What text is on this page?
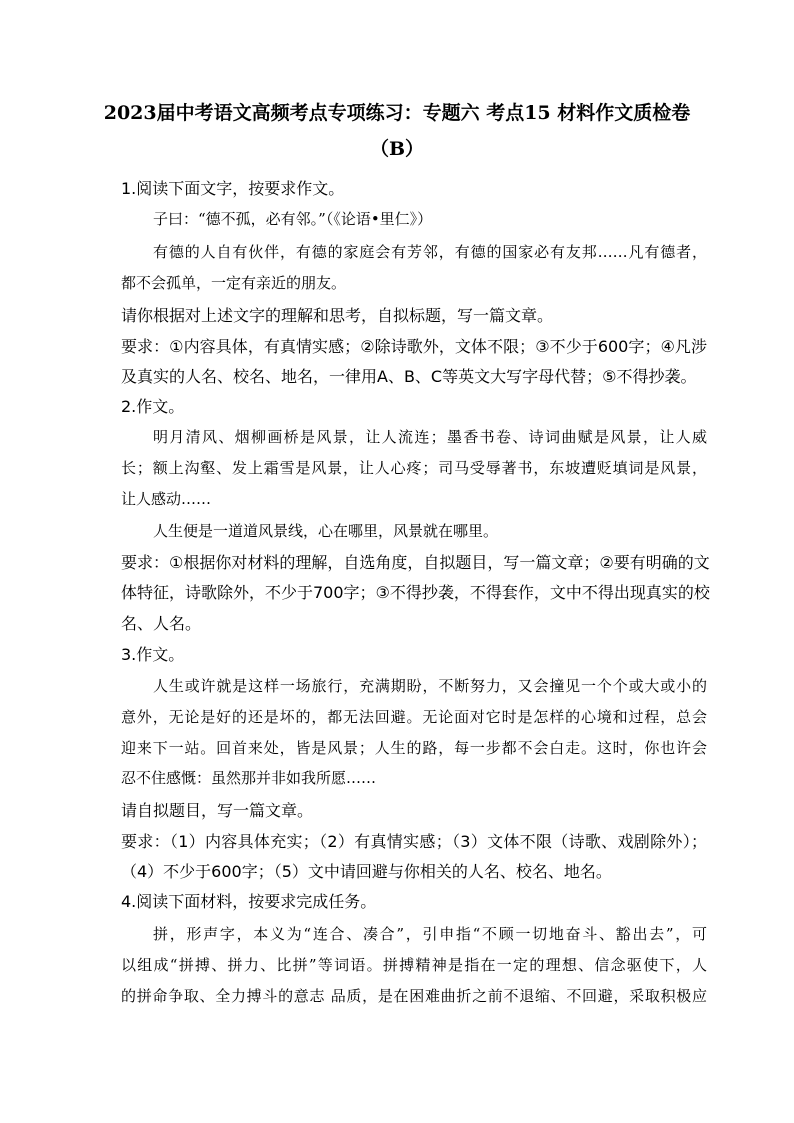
2023届中考语文高频考点专项练习：专题六 考点15 材料作文质检卷
（B）
1.阅读下面文字，按要求作文。
子曰：“德不孤，必有邻。”（《论语•里仁》）
有德的人自有伙伴，有德的家庭会有芳邻，有德的国家必有友邦……凡有德者，
都不会孤单，一定有亲近的朋友。
请你根据对上述文字的理解和思考，自拟标题，写一篇文章。
要求：①内容具体，有真情实感；②除诗歌外，文体不限；③不少于600字；④凡涉
及真实的人名、校名、地名，一律用A、B、C等英文大写字母代替；⑤不得抄袭。
2.作文。
明月清风、烟柳画桥是风景，让人流连；墨香书卷、诗词曲赋是风景，让人威
长；额上沟壑、发上霜雪是风景，让人心疼；司马受辱著书，东坡遭贬填词是风景，
让人感动……
人生便是一道道风景线，心在哪里，风景就在哪里。
要求：①根据你对材料的理解，自选角度，自拟题目，写一篇文章；②要有明确的文
体特征，诗歌除外，不少于700字；③不得抄袭，不得套作，文中不得出现真实的校
名、人名。
3.作文。
人生或许就是这样一场旅行，充满期盼，不断努力，又会撞见一个个或大或小的
意外，无论是好的还是坏的，都无法回避。无论面对它时是怎样的心境和过程，总会
迎来下一站。回首来处，皆是风景；人生的路，每一步都不会白走。这时，你也许会
忍不住感慨：虽然那并非如我所愿……
请自拟题目，写一篇文章。
要求：（1）内容具体充实；（2）有真情实感；（3）文体不限（诗歌、戏剧除外）；
（4）不少于600字；（5）文中请回避与你相关的人名、校名、地名。
4.阅读下面材料，按要求完成任务。
拼，形声字，本义为“连合、凑合”，引申指“不顾一切地奋斗、豁出去”，可
以组成“拼搏、拼力、比拼”等词语。拼搏精神是指在一定的理想、信念驱使下，人
的拼命争取、全力搏斗的意志 品质，是在困难曲折之前不退缩、不回避，采取积极应
